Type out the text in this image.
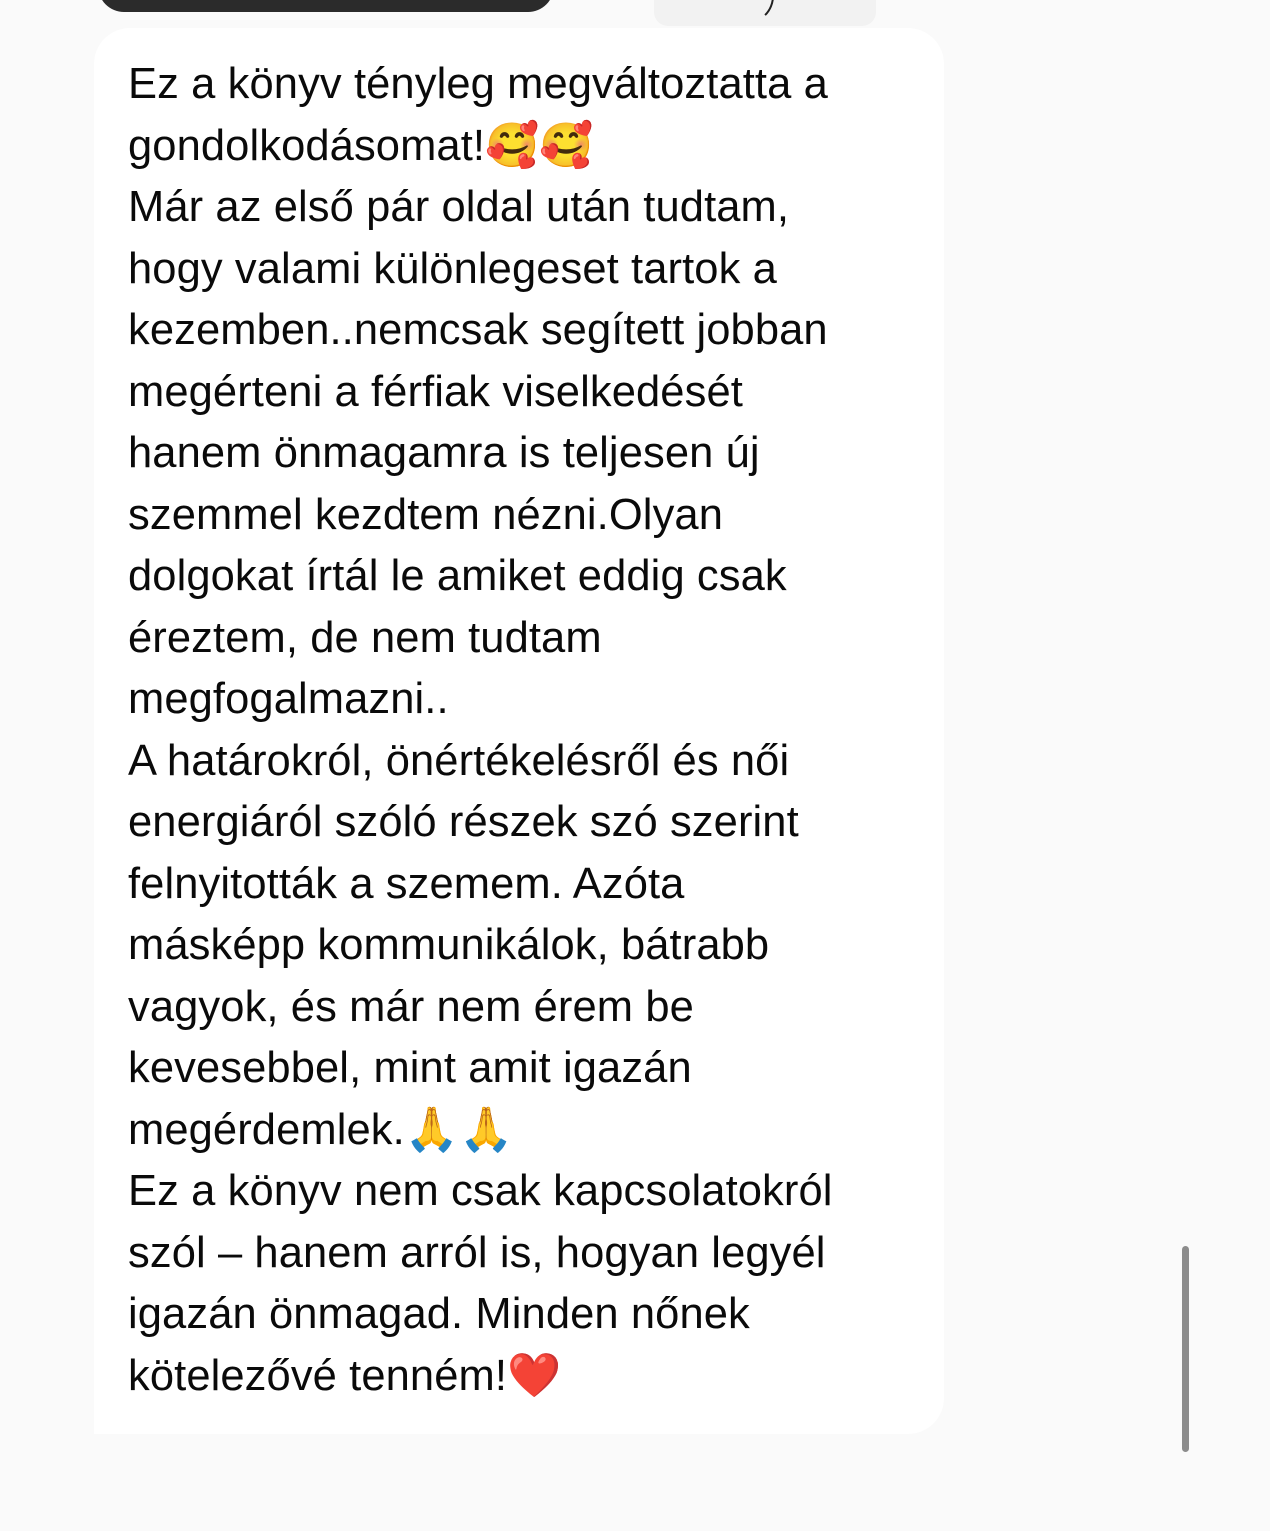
Ez a könyv tényleg megváltoztatta a
gondolkodásomat!🥰🥰
Már az első pár oldal után tudtam,
hogy valami különlegeset tartok a
kezemben..nemcsak segített jobban
megérteni a férfiak viselkedését
hanem önmagamra is teljesen új
szemmel kezdtem nézni.Olyan
dolgokat írtál le amiket eddig csak
éreztem, de nem tudtam
megfogalmazni..
A határokról, önértékelésről és női
energiáról szóló részek szó szerint
felnyitották a szemem. Azóta
másképp kommunikálok, bátrabb
vagyok, és már nem érem be
kevesebbel, mint amit igazán
megérdemlek.🙏🙏
Ez a könyv nem csak kapcsolatokról
szól – hanem arról is, hogyan legyél
igazán önmagad. Minden nőnek
kötelezővé tenném!❤️
